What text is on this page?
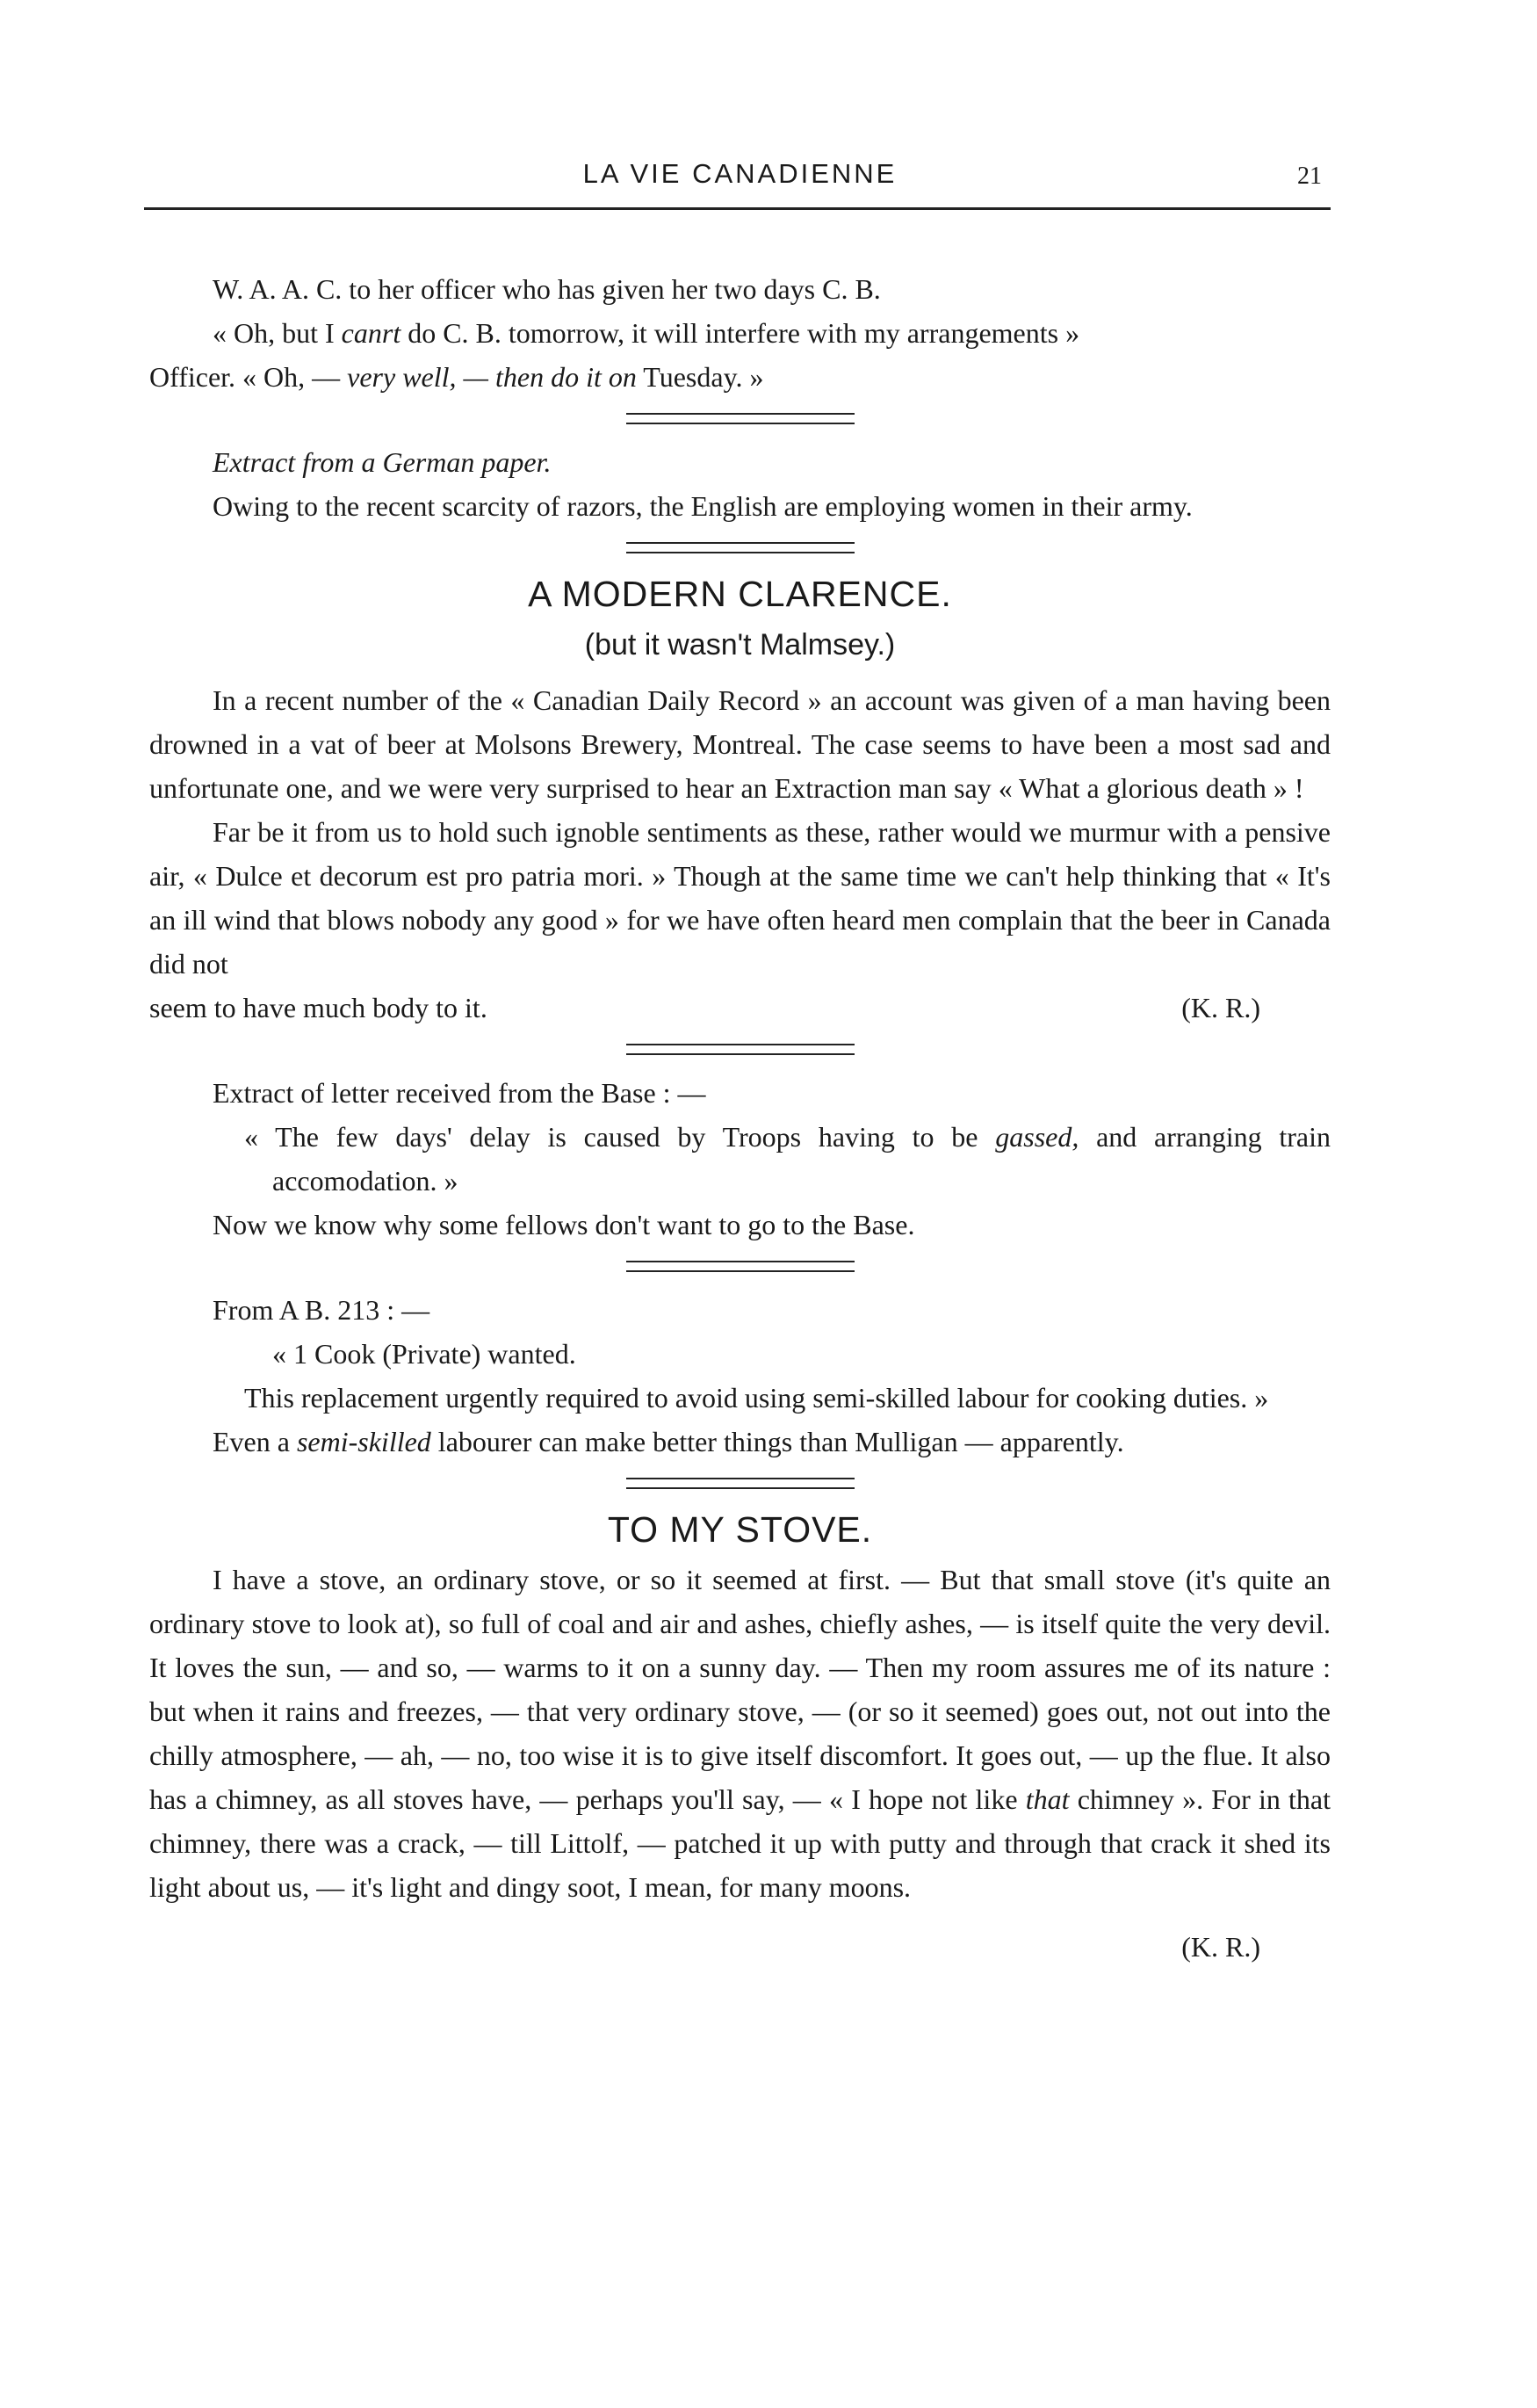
LA VIE CANADIENNE	21

W. A. A. C. to her officer who has given her two days C. B.

« Oh, but I canrt do C. B. tomorrow, it will interfere with my arrangements »

Officer. « Oh, — very well, — then do it on Tuesday. »

Extract from a German paper.

Owing to the recent scarcity of razors, the English are employing women in their army.

A MODERN CLARENCE.
(but it wasn't Malmsey.)

In a recent number of the « Canadian Daily Record » an account was given of a man having been drowned in a vat of beer at Molsons Brewery, Montreal. The case seems to have been a most sad and unfortunate one, and we were very surprised to hear an Extraction man say « What a glorious death » !

Far be it from us to hold such ignoble sentiments as these, rather would we murmur with a pensive air, « Dulce et decorum est pro patria mori. » Though at the same time we can't help thinking that « It's an ill wind that blows nobody any good » for we have often heard men complain that the beer in Canada did not

seem to have much body to it.	(K. R.)

Extract of letter received from the Base : —

« The few days' delay is caused by Troops having to be gassed, and arranging train accomodation. »

Now we know why some fellows don't want to go to the Base.

From A B. 213 : —

« 1 Cook (Private) wanted.

This replacement urgently required to avoid using semi-skilled labour for cooking duties. »

Even a semi-skilled labourer can make better things than Mulligan — apparently.

TO MY STOVE.

I have a stove, an ordinary stove, or so it seemed at first. — But that small stove (it's quite an ordinary stove to look at), so full of coal and air and ashes, chiefly ashes, — is itself quite the very devil. It loves the sun, — and so, — warms to it on a sunny day. — Then my room assures me of its nature : but when it rains and freezes, — that very ordinary stove, — (or so it seemed) goes out, not out into the chilly atmosphere, — ah, — no, too wise it is to give itself discomfort. It goes out, — up the flue. It also has a chimney, as all stoves have, — perhaps you'll say, — « I hope not like that chimney ». For in that chimney, there was a crack, — till Littolf, — patched it up with putty and through that crack it shed its light about us, — it's light and dingy soot, I mean, for many moons.

(K. R.)
